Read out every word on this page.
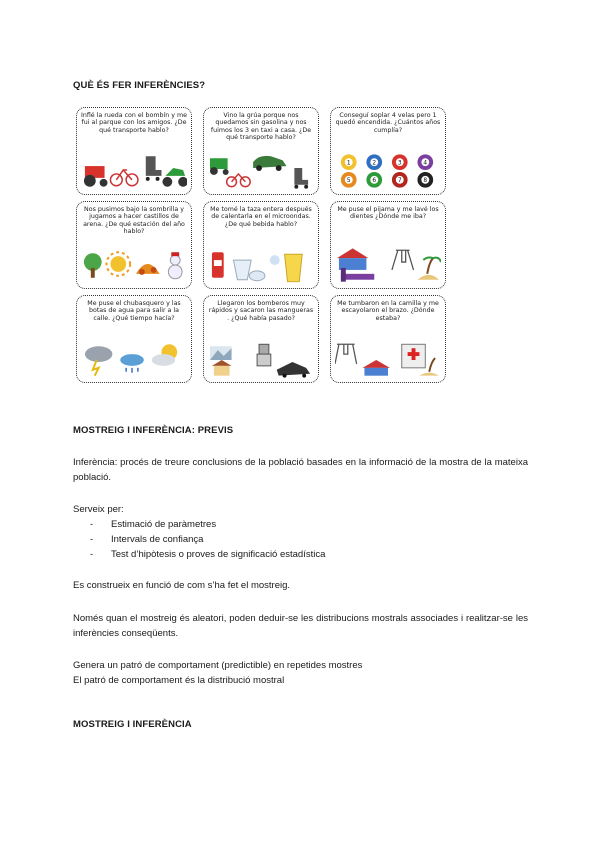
QUÈ ÉS FER INFERÈNCIES?
Inflé la rueda con el bombín y me fui al parque con los amigos. ¿De qué transporte hablo?
Vino la grúa porque nos quedamos sin gasolina y nos fuimos los 3 en taxi a casa. ¿De qué transporte hablo?
Conseguí soplar 4 velas pero 1 quedó encendida. ¿Cuántos años cumplía?
1	2	3	4
5	6	7	8
Nos pusimos bajo la sombrilla y jugamos a hacer castillos de arena. ¿De qué estación del año hablo?
Me tomé la taza entera después de calentarla en el microondas. ¿De qué bebida hablo?
Me puse el pijama y me lavé los dientes ¿Dónde me iba?
Me puse el chubasquero y las botas de agua para salir a la calle. ¿Qué tiempo hacía?
Llegaron los bomberos muy rápidos y sacaron las mangueras . ¿Qué había pasado?
Me tumbaron en la camilla y me escayolaron el brazo. ¿Dónde estaba?
MOSTREIG I INFERÈNCIA: PREVIS
Inferència: procés de treure conclusions de la població basades en la informació de la mostra de la mateixa població.
Serveix per:
-	Estimació de paràmetres
-	Intervals de confiança
-	Test d’hipòtesis o proves de significació estadística
Es construeix en funció de com s’ha fet el mostreig.
Només quan el mostreig és aleatori, poden deduir-se les distribucions mostrals associades i realitzar-se les inferències conseqüents.
Genera un patró de comportament (predictible) en repetides mostres
El patró de comportament és la distribució mostral
MOSTREIG I INFERÈNCIA
